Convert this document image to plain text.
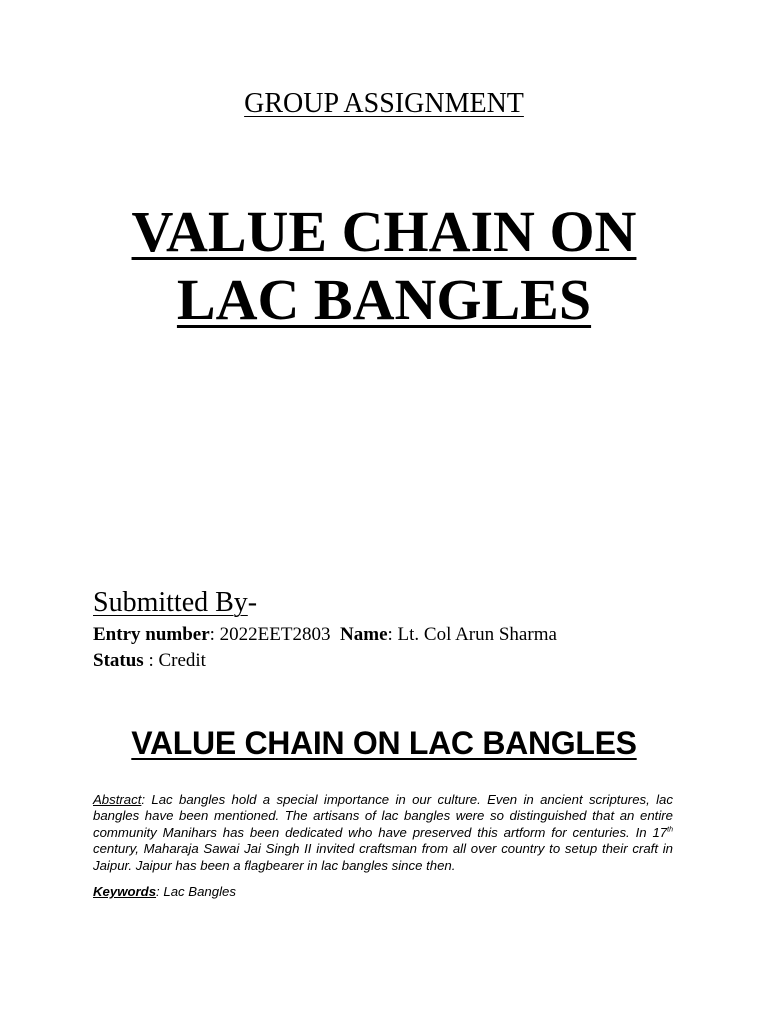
GROUP ASSIGNMENT
VALUE CHAIN ON
LAC BANGLES
Submitted By-
Entry number: 2022EET2803  Name: Lt. Col Arun Sharma
Status : Credit
VALUE CHAIN ON LAC BANGLES
Abstract: Lac bangles hold a special importance in our culture. Even in ancient scriptures, lac bangles have been mentioned. The artisans of lac bangles were so distinguished that an entire community Manihars has been dedicated who have preserved this artform for centuries. In 17th century, Maharaja Sawai Jai Singh II invited craftsman from all over country to setup their craft in Jaipur. Jaipur has been a flagbearer in lac bangles since then.
Keywords: Lac Bangles
